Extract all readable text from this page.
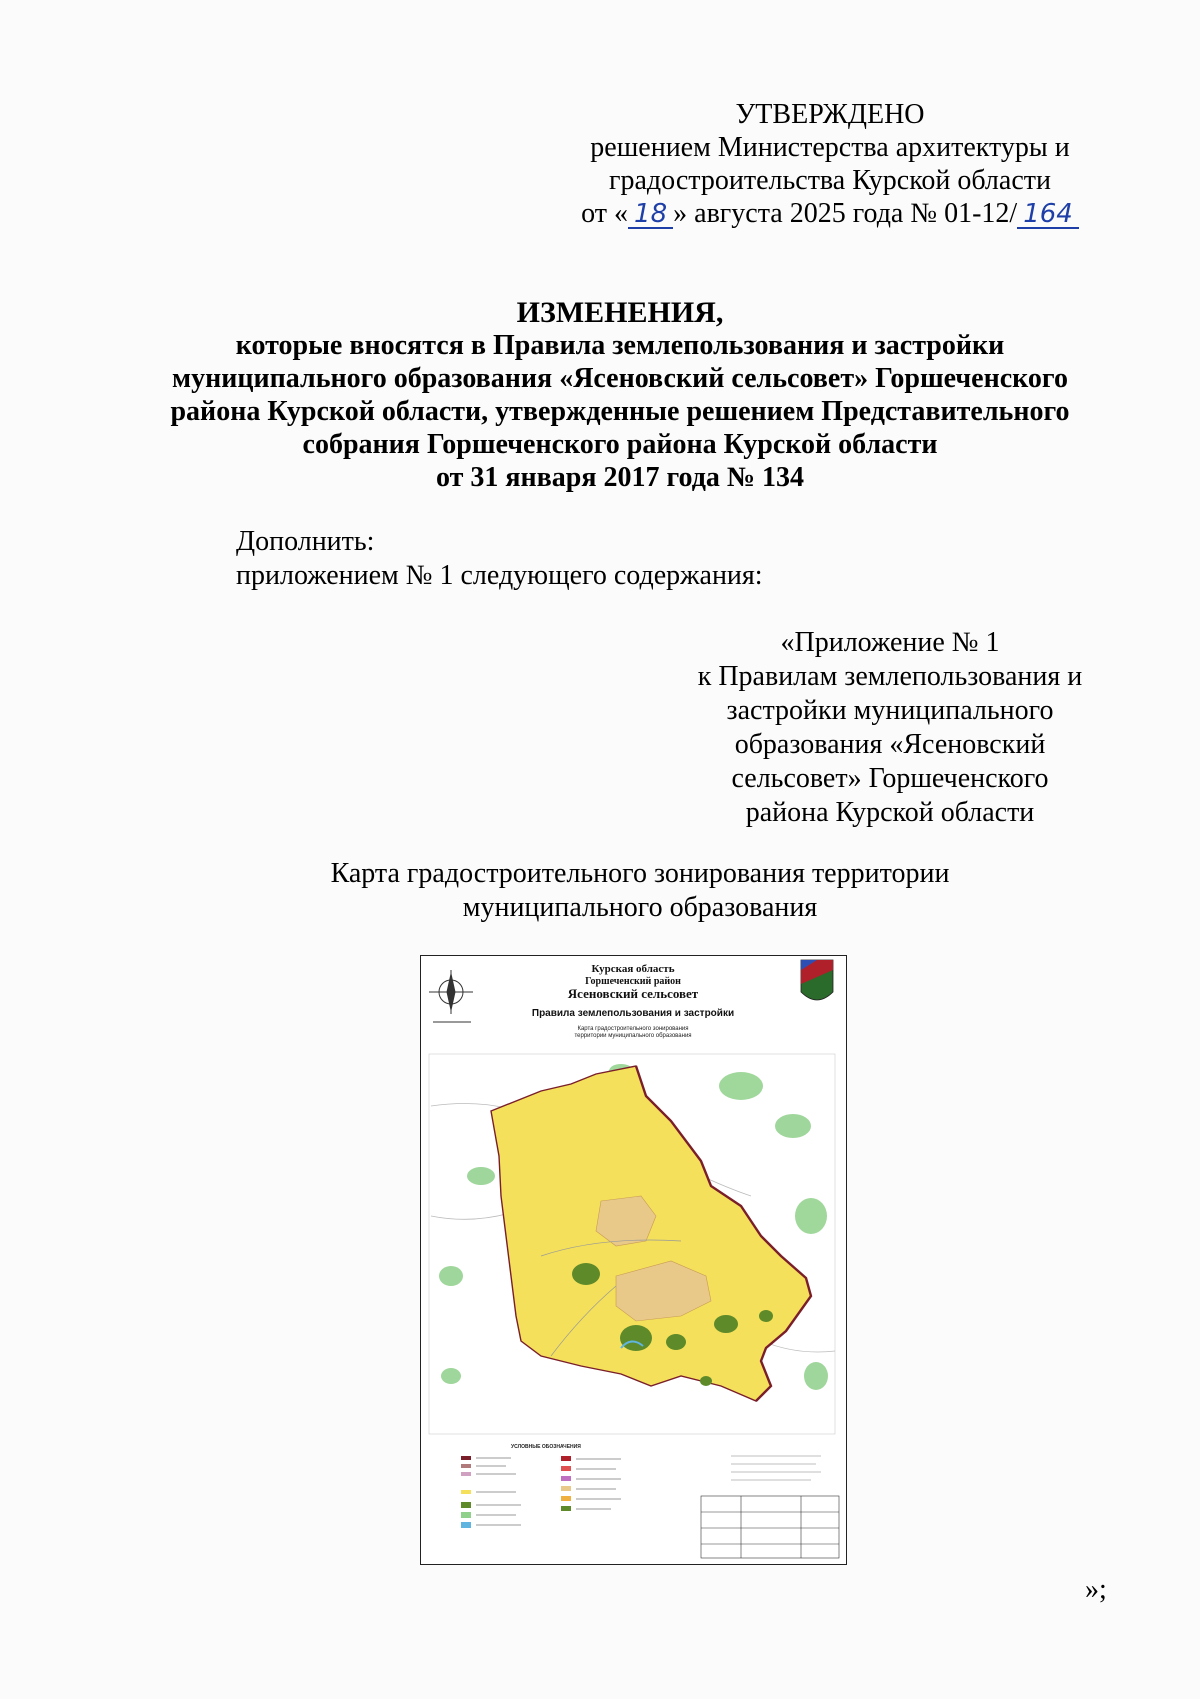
УТВЕРЖДЕНО
решением Министерства архитектуры и
градостроительства Курской области
от « 18 » августа 2025 года № 01-12/ 164
ИЗМЕНЕНИЯ,
которые вносятся в Правила землепользования и застройки
муниципального образования «Ясеновский сельсовет» Горшеченского
района Курской области, утвержденные решением Представительного
собрания Горшеченского района Курской области
от 31 января 2017 года № 134
Дополнить:
приложением № 1 следующего содержания:
«Приложение № 1
к Правилам землепользования и
застройки муниципального
образования «Ясеновский
сельсовет» Горшеченского
района Курской области
Карта градостроительного зонирования территории
муниципального образования
Курская область
Горшеченский район
Ясеновский сельсовет
Правила землепользования и застройки
Карта градостроительного зонирования
территории муниципального образования
УСЛОВНЫЕ ОБОЗНАЧЕНИЯ
»;
